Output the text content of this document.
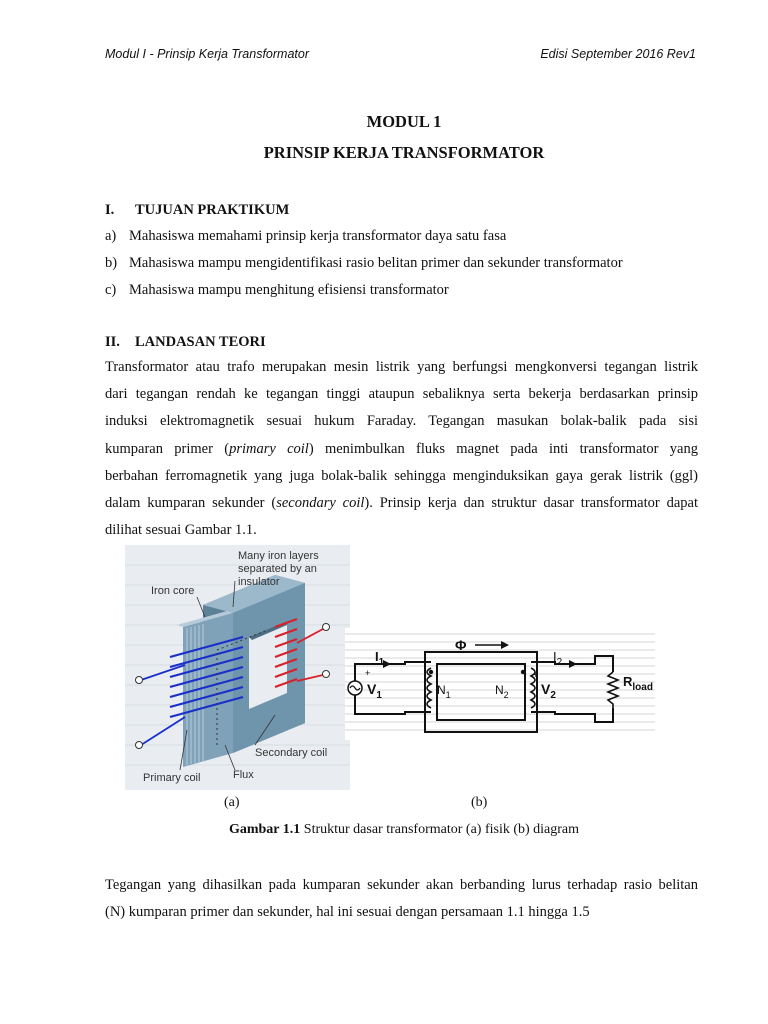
Modul I - Prinsip Kerja Transformator	Edisi September 2016 Rev1
MODUL 1
PRINSIP KERJA TRANSFORMATOR
I. TUJUAN PRAKTIKUM
a) Mahasiswa memahami prinsip kerja transformator daya satu fasa
b) Mahasiswa mampu mengidentifikasi rasio belitan primer dan sekunder transformator
c) Mahasiswa mampu menghitung efisiensi transformator
II. LANDASAN TEORI
Transformator atau trafo merupakan mesin listrik yang berfungsi mengkonversi tegangan listrik
dari tegangan rendah ke tegangan tinggi ataupun sebaliknya serta bekerja berdasarkan prinsip
induksi elektromagnetik sesuai hukum Faraday. Tegangan masukan bolak-balik pada sisi
kumparan primer (primary coil) menimbulkan fluks magnet pada inti transformator yang
berbahan ferromagnetik yang juga bolak-balik sehingga menginduksikan gaya gerak listrik (ggl)
dalam kumparan sekunder (secondary coil). Prinsip kerja dan struktur dasar transformator dapat
dilihat sesuai Gambar 1.1.
Iron core
Many iron layers
separated by an
insulator
Secondary coil
Primary coil	Flux
Φ
$I_1$
$V_1$	$N_1$	$N_2$
$I_2$
$V_2$
$R_{load}$
+
+
(a)	(b)
Gambar 1.1 Struktur dasar transformator (a) fisik (b) diagram
Tegangan yang dihasilkan pada kumparan sekunder akan berbanding lurus terhadap rasio belitan
(N) kumparan primer dan sekunder, hal ini sesuai dengan persamaan 1.1 hingga 1.5
